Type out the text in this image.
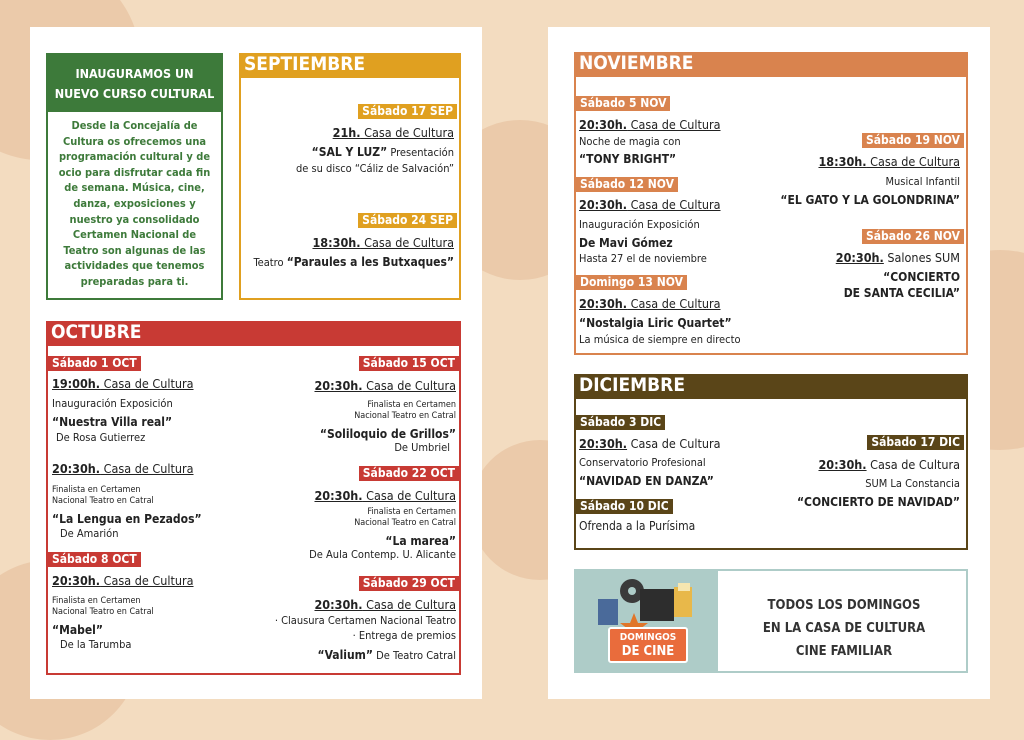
INAUGURAMOS UN
NUEVO CURSO CULTURAL
Desde la Concejalía de
Cultura os ofrecemos una
programación cultural y de
ocio para disfrutar cada fin
de semana. Música, cine,
danza, exposiciones y
nuestro ya consolidado
Certamen Nacional de
Teatro son algunas de las
actividades que tenemos
preparadas para ti.
SEPTIEMBRE
Sábado 17 SEP
21h. Casa de Cultura
“SAL Y LUZ” Presentación
de su disco “Cáliz de Salvación”
Sábado 24 SEP
18:30h. Casa de Cultura
Teatro “Paraules a les Butxaques”
OCTUBRE
Sábado 1 OCT
19:00h. Casa de Cultura
Inauguración Exposición
“Nuestra Villa real”
De Rosa Gutierrez
20:30h. Casa de Cultura
Finalista en Certamen
Nacional Teatro en Catral
“La Lengua en Pezados”
De Amarión
Sábado 8 OCT
20:30h. Casa de Cultura
Finalista en Certamen
Nacional Teatro en Catral
“Mabel”
De la Tarumba
Sábado 15 OCT
20:30h. Casa de Cultura
Finalista en Certamen
Nacional Teatro en Catral
“Soliloquio de Grillos”
De Umbriel
Sábado 22 OCT
20:30h. Casa de Cultura
Finalista en Certamen
Nacional Teatro en Catral
“La marea”
De Aula Contemp. U. Alicante
Sábado 29 OCT
20:30h. Casa de Cultura
· Clausura Certamen Nacional Teatro
· Entrega de premios
“Valium” De Teatro Catral
NOVIEMBRE
Sábado 5 NOV
20:30h. Casa de Cultura
Noche de magia con
“TONY BRIGHT”
Sábado 12 NOV
20:30h. Casa de Cultura
Inauguración Exposición
De Mavi Gómez
Hasta 27 el de noviembre
Domingo 13 NOV
20:30h. Casa de Cultura
“Nostalgia Liric Quartet”
La música de siempre en directo
Sábado 19 NOV
18:30h. Casa de Cultura
Musical Infantil
“EL GATO Y LA GOLONDRINA”
Sábado 26 NOV
20:30h. Salones SUM
“CONCIERTO
DE SANTA CECILIA”
DICIEMBRE
Sábado 3 DIC
20:30h. Casa de Cultura
Conservatorio Profesional
“NAVIDAD EN DANZA”
Sábado 10 DIC
Ofrenda a la Purísima
Sábado 17 DIC
20:30h. Casa de Cultura
SUM La Constancia
“CONCIERTO DE NAVIDAD”
DOMINGOS
DE CINE
TODOS LOS DOMINGOS
EN LA CASA DE CULTURA
CINE FAMILIAR
